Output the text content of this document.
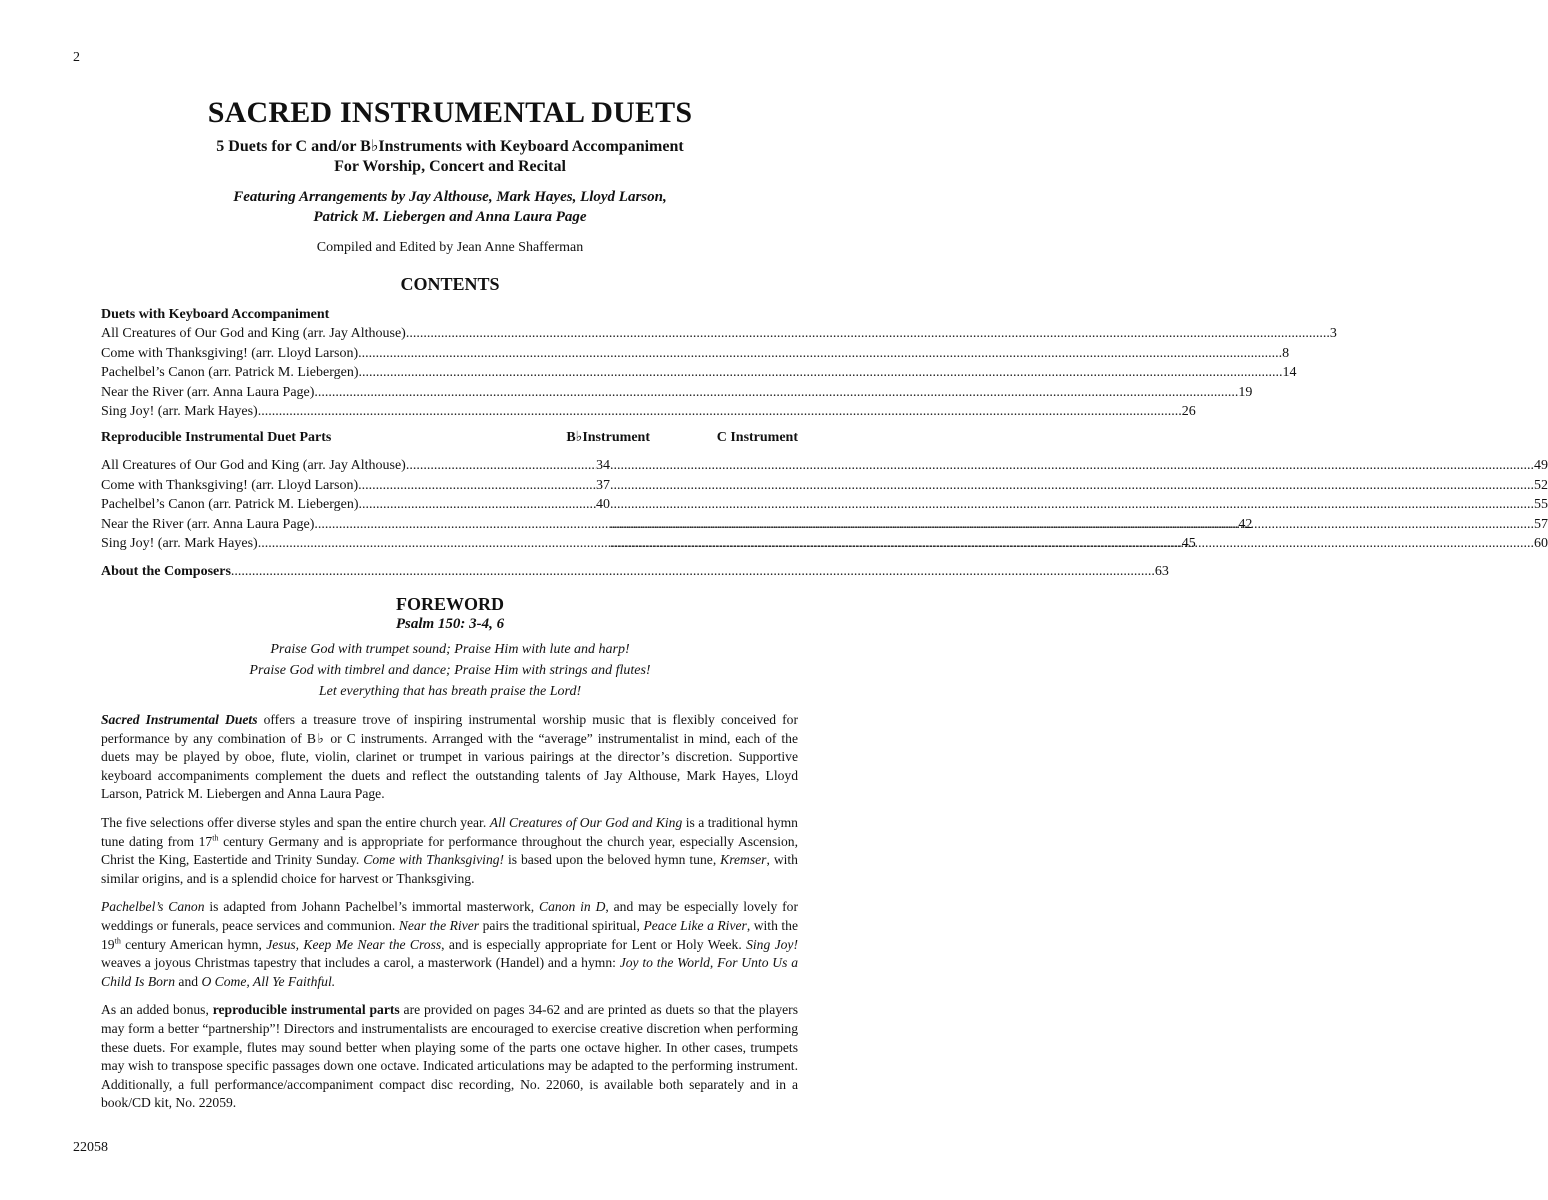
2
SACRED INSTRUMENTAL DUETS
5 Duets for C and/or B♭Instruments with Keyboard Accompaniment
For Worship, Concert and Recital
Featuring Arrangements by Jay Althouse, Mark Hayes, Lloyd Larson,
Patrick M. Liebergen and Anna Laura Page
Compiled and Edited by Jean Anne Shafferman
CONTENTS
Duets with Keyboard Accompaniment
All Creatures of Our God and King (arr. Jay Althouse) .....	3
Come with Thanksgiving! (arr. Lloyd Larson) .....	8
Pachelbel’s Canon (arr. Patrick M. Liebergen) .....	14
Near the River (arr. Anna Laura Page) .....	19
Sing Joy! (arr. Mark Hayes) .....	26
Reproducible Instrumental Duet Parts	B♭Instrument	C Instrument
All Creatures of Our God and King (arr. Jay Althouse) .....	34 .....	49
Come with Thanksgiving! (arr. Lloyd Larson) .....	37 .....	52
Pachelbel’s Canon (arr. Patrick M. Liebergen) .....	40 .....	55
Near the River (arr. Anna Laura Page) .....	42 .....	57
Sing Joy! (arr. Mark Hayes) .....	45 .....	60
About the Composers .....	63
FOREWORD
Psalm 150: 3-4, 6
Praise God with trumpet sound; Praise Him with lute and harp!
Praise God with timbrel and dance; Praise Him with strings and flutes!
Let everything that has breath praise the Lord!

Sacred Instrumental Duets offers a treasure trove of inspiring instrumental worship music that is flexibly conceived for performance by any combination of B♭ or C instruments. Arranged with the “average” instrumentalist in mind, each of the duets may be played by oboe, flute, violin, clarinet or trumpet in various pairings at the director’s discretion. Supportive keyboard accompaniments complement the duets and reflect the outstanding talents of Jay Althouse, Mark Hayes, Lloyd Larson, Patrick M. Liebergen and Anna Laura Page.

The five selections offer diverse styles and span the entire church year. All Creatures of Our God and King is a traditional hymn tune dating from 17th century Germany and is appropriate for performance throughout the church year, especially Ascension, Christ the King, Eastertide and Trinity Sunday. Come with Thanksgiving! is based upon the beloved hymn tune, Kremser, with similar origins, and is a splendid choice for harvest or Thanksgiving.

Pachelbel’s Canon is adapted from Johann Pachelbel’s immortal masterwork, Canon in D, and may be especially lovely for weddings or funerals, peace services and communion. Near the River pairs the traditional spiritual, Peace Like a River, with the 19th century American hymn, Jesus, Keep Me Near the Cross, and is especially appropriate for Lent or Holy Week. Sing Joy! weaves a joyous Christmas tapestry that includes a carol, a masterwork (Handel) and a hymn: Joy to the World, For Unto Us a Child Is Born and O Come, All Ye Faithful.

As an added bonus, reproducible instrumental parts are provided on pages 34-62 and are printed as duets so that the players may form a better “partnership”! Directors and instrumentalists are encouraged to exercise creative discretion when performing these duets. For example, flutes may sound better when playing some of the parts one octave higher. In other cases, trumpets may wish to transpose specific passages down one octave. Indicated articulations may be adapted to the performing instrument. Additionally, a full performance/accompaniment compact disc recording, No. 22060, is available both separately and in a book/CD kit, No. 22059.

22058
